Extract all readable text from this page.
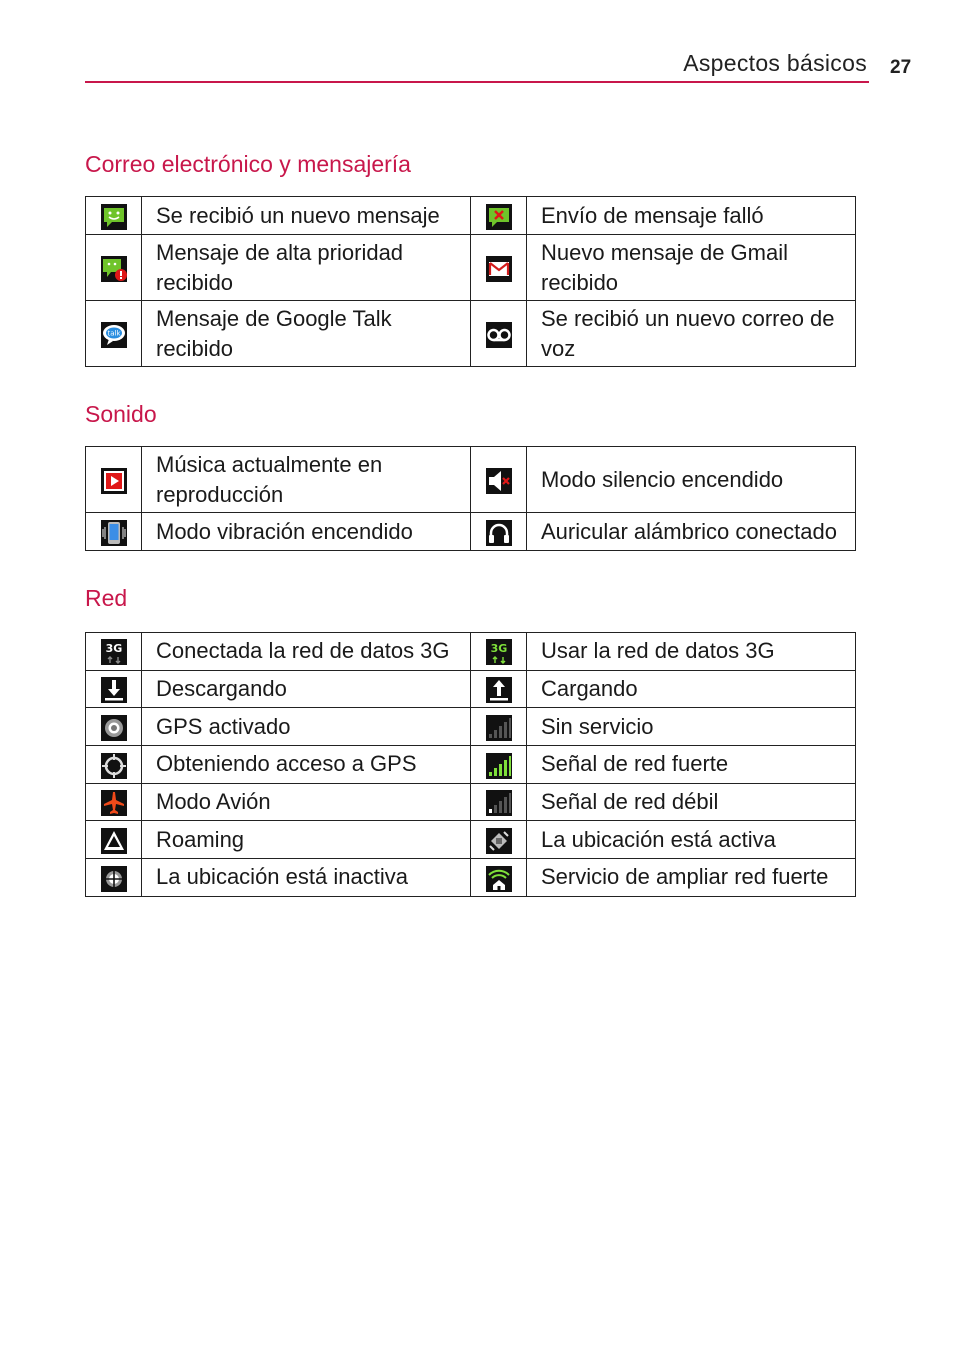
Aspectos básicos 27
Correo electrónico y mensajería
	Se recibió un nuevo mensaje		Envío de mensaje falló

	Mensaje de alta prioridad recibido		Nuevo mensaje de Gmail recibido

talk	Mensaje de Google Talk recibido		Se recibió un nuevo correo de voz
Sonido
	Música actualmente en reproducción		Modo silencio encendido

	Modo vibración encendido		Auricular alámbrico conectado
Red
3G	Conectada la red de datos 3G	3G	Usar la red de datos 3G

	Descargando		Cargando

	GPS activado		Sin servicio

	Obteniendo acceso a GPS		Señal de red fuerte

	Modo Avión		Señal de red débil

	Roaming		La ubicación está activa

	La ubicación está inactiva		Servicio de ampliar red fuerte
